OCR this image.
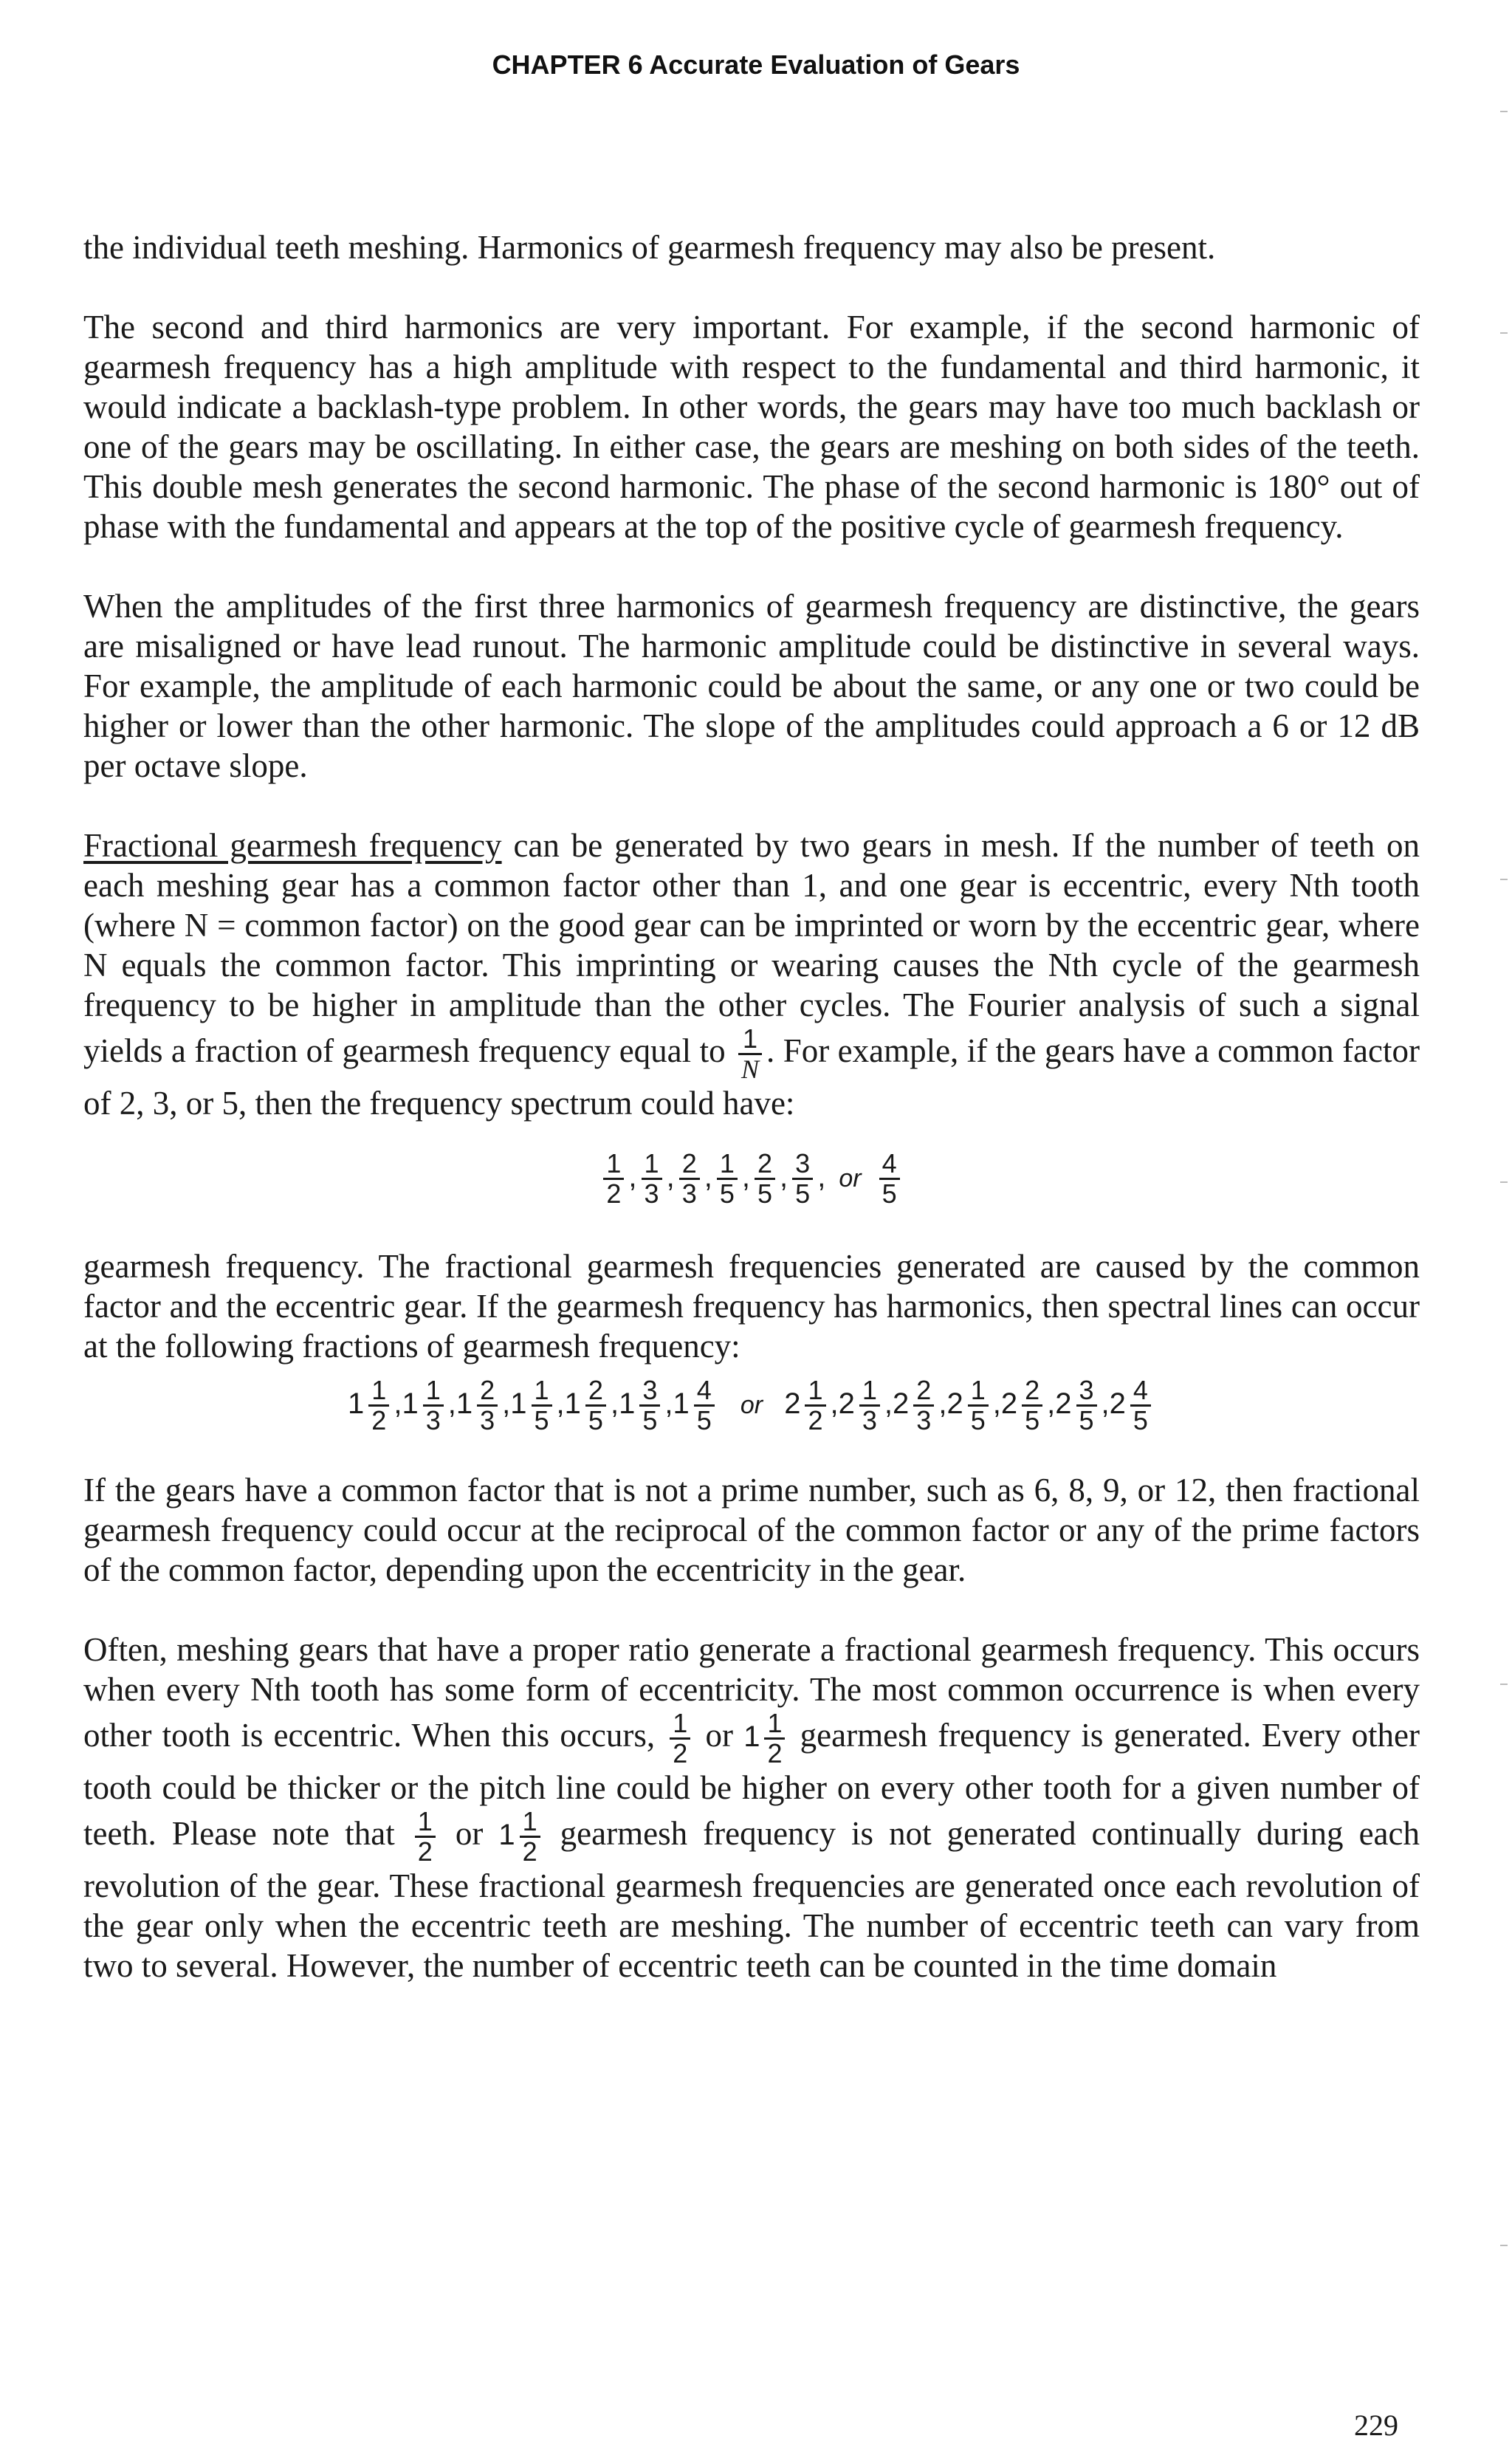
CHAPTER 6 Accurate Evaluation of Gears

the individual teeth meshing. Harmonics of gearmesh frequency may also be present.

The second and third harmonics are very important. For example, if the second harmonic of gearmesh frequency has a high amplitude with respect to the fundamental and third harmonic, it would indicate a backlash-type problem. In other words, the gears may have too much backlash or one of the gears may be oscillating. In either case, the gears are meshing on both sides of the teeth. This double mesh generates the second harmonic. The phase of the second harmonic is 180° out of phase with the fundamental and appears at the top of the positive cycle of gearmesh frequency.

When the amplitudes of the first three harmonics of gearmesh frequency are distinctive, the gears are misaligned or have lead runout. The harmonic amplitude could be distinctive in several ways. For example, the amplitude of each harmonic could be about the same, or any one or two could be higher or lower than the other harmonic. The slope of the amplitudes could approach a 6 or 12 dB per octave slope.

Fractional gearmesh frequency can be generated by two gears in mesh. If the number of teeth on each meshing gear has a common factor other than 1, and one gear is eccentric, every Nth tooth (where N = common factor) on the good gear can be imprinted or worn by the eccentric gear, where N equals the common factor. This imprinting or wearing causes the Nth cycle of the gearmesh frequency to be higher in amplitude than the other cycles. The Fourier analysis of such a signal yields a fraction of gearmesh frequency equal to $\frac{1}{N}$ . For example, if the gears have a common factor of 2, 3, or 5, then the frequency spectrum could have:

$\frac{1}{2}$ , $\frac{1}{3}$ , $\frac{2}{3}$ , $\frac{1}{5}$ , $\frac{2}{5}$ , $\frac{3}{5}$ , or $\frac{4}{5}$

gearmesh frequency. The fractional gearmesh frequencies generated are caused by the common factor and the eccentric gear. If the gearmesh frequency has harmonics, then spectral lines can occur at the following fractions of gearmesh frequency:

$1 \frac{1}{2} ,1 \frac{1}{3} ,1 \frac{2}{3} ,1 \frac{1}{5} ,1 \frac{2}{5} ,1 \frac{3}{5} ,1 \frac{4}{5}$ or $2 \frac{1}{2} ,2 \frac{1}{3} ,2 \frac{2}{3} ,2 \frac{1}{5} ,2 \frac{2}{5} ,2 \frac{3}{5} ,2 \frac{4}{5}$

If the gears have a common factor that is not a prime number, such as 6, 8, 9, or 12, then fractional gearmesh frequency could occur at the reciprocal of the common factor or any of the prime factors of the common factor, depending upon the eccentricity in the gear.

Often, meshing gears that have a proper ratio generate a fractional gearmesh frequency. This occurs when every Nth tooth has some form of eccentricity. The most common occurrence is when every other tooth is eccentric. When this occurs, $\frac{1}{2}$ or $1 \frac{1}{2}$ gearmesh frequency is generated. Every other tooth could be thicker or the pitch line could be higher on every other tooth for a given number of teeth. Please note that $\frac{1}{2}$ or $1 \frac{1}{2}$ gearmesh frequency is not generated continually during each revolution of the gear. These fractional gearmesh frequencies are generated once each revolution of the gear only when the eccentric teeth are meshing. The number of eccentric teeth can vary from two to several. However, the number of eccentric teeth can be counted in the time domain

229
